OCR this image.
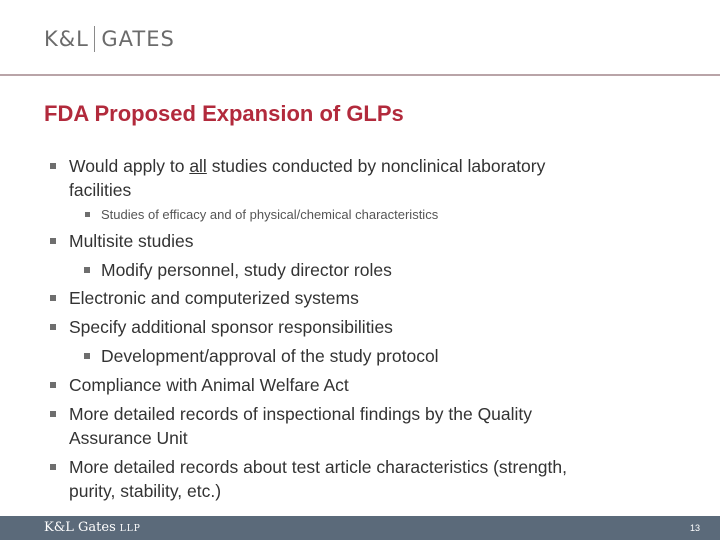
K&L GATES
FDA Proposed Expansion of GLPs
Would apply to all studies conducted by nonclinical laboratory
facilities
Studies of efficacy and of physical/chemical characteristics
Multisite studies
Modify personnel, study director roles
Electronic and computerized systems
Specify additional sponsor responsibilities
Development/approval of the study protocol
Compliance with Animal Welfare Act
More detailed records of inspectional findings by the Quality
Assurance Unit
More detailed records about test article characteristics (strength,
purity, stability, etc.)
K&L Gates LLP	13
